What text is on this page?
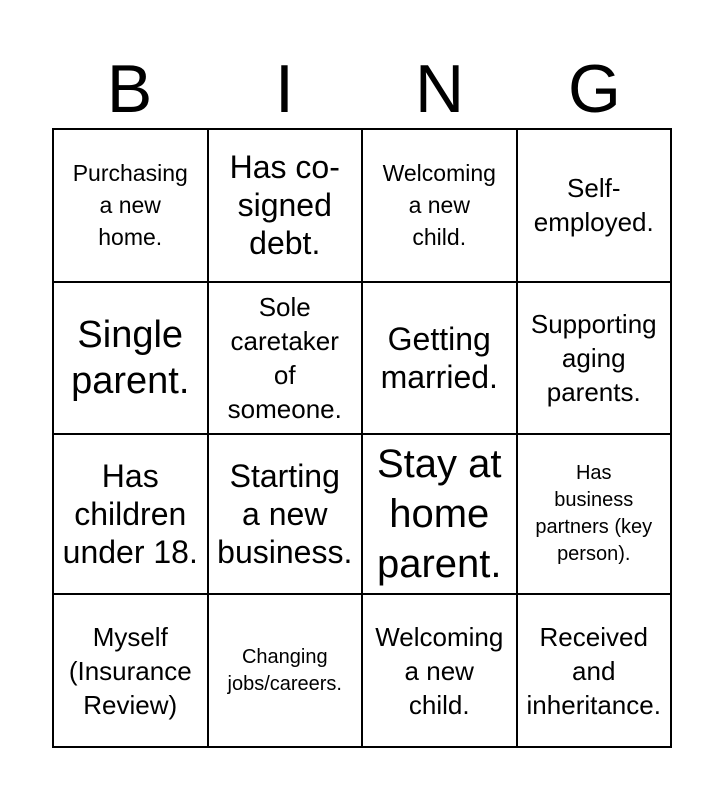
B	I	N	G
Purchasing
a new
home.
Has co-
signed
debt.
Welcoming
a new
child.
Self-
employed.
Single
parent.
Sole
caretaker
of
someone.
Getting
married.
Supporting
aging
parents.
Has
children
under 18.
Starting
a new
business.
Stay at
home
parent.
Has
business
partners (key
person).
Myself
(Insurance
Review)
Changing
jobs/careers.
Welcoming
a new
child.
Received
and
inheritance.
